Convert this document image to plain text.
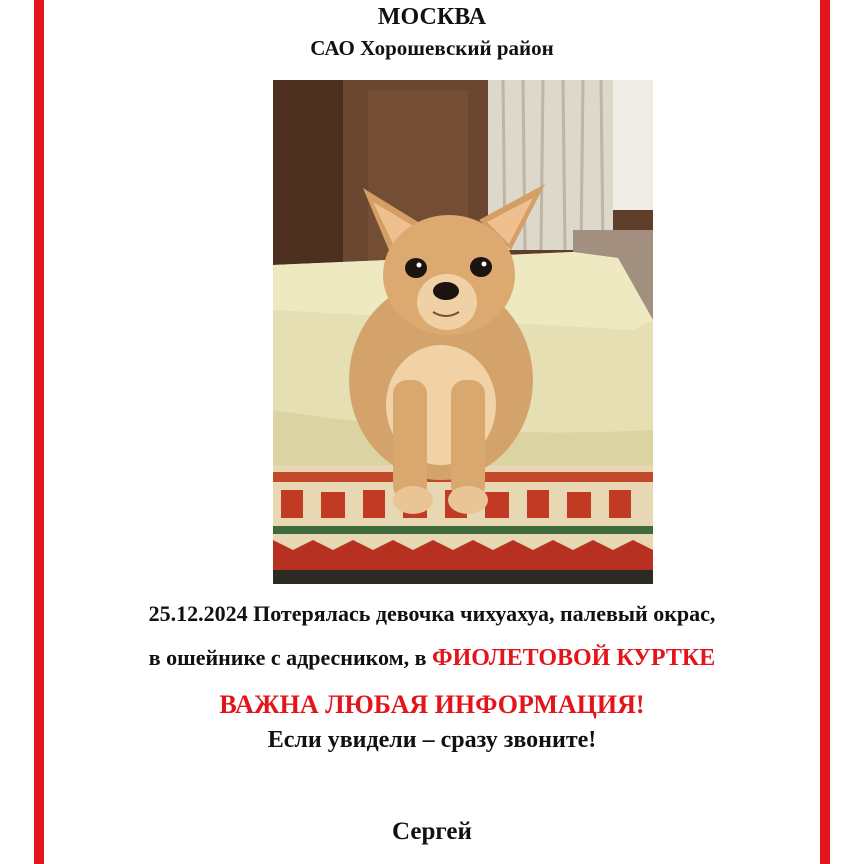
МОСКВА
САО Хорошевский район
25.12.2024 Потерялась девочка чихуахуа, палевый окрас,
в ошейнике с адресником, в ФИОЛЕТОВОЙ КУРТКЕ
ВАЖНА ЛЮБАЯ ИНФОРМАЦИЯ!
Если увидели – сразу звоните!
Сергей
